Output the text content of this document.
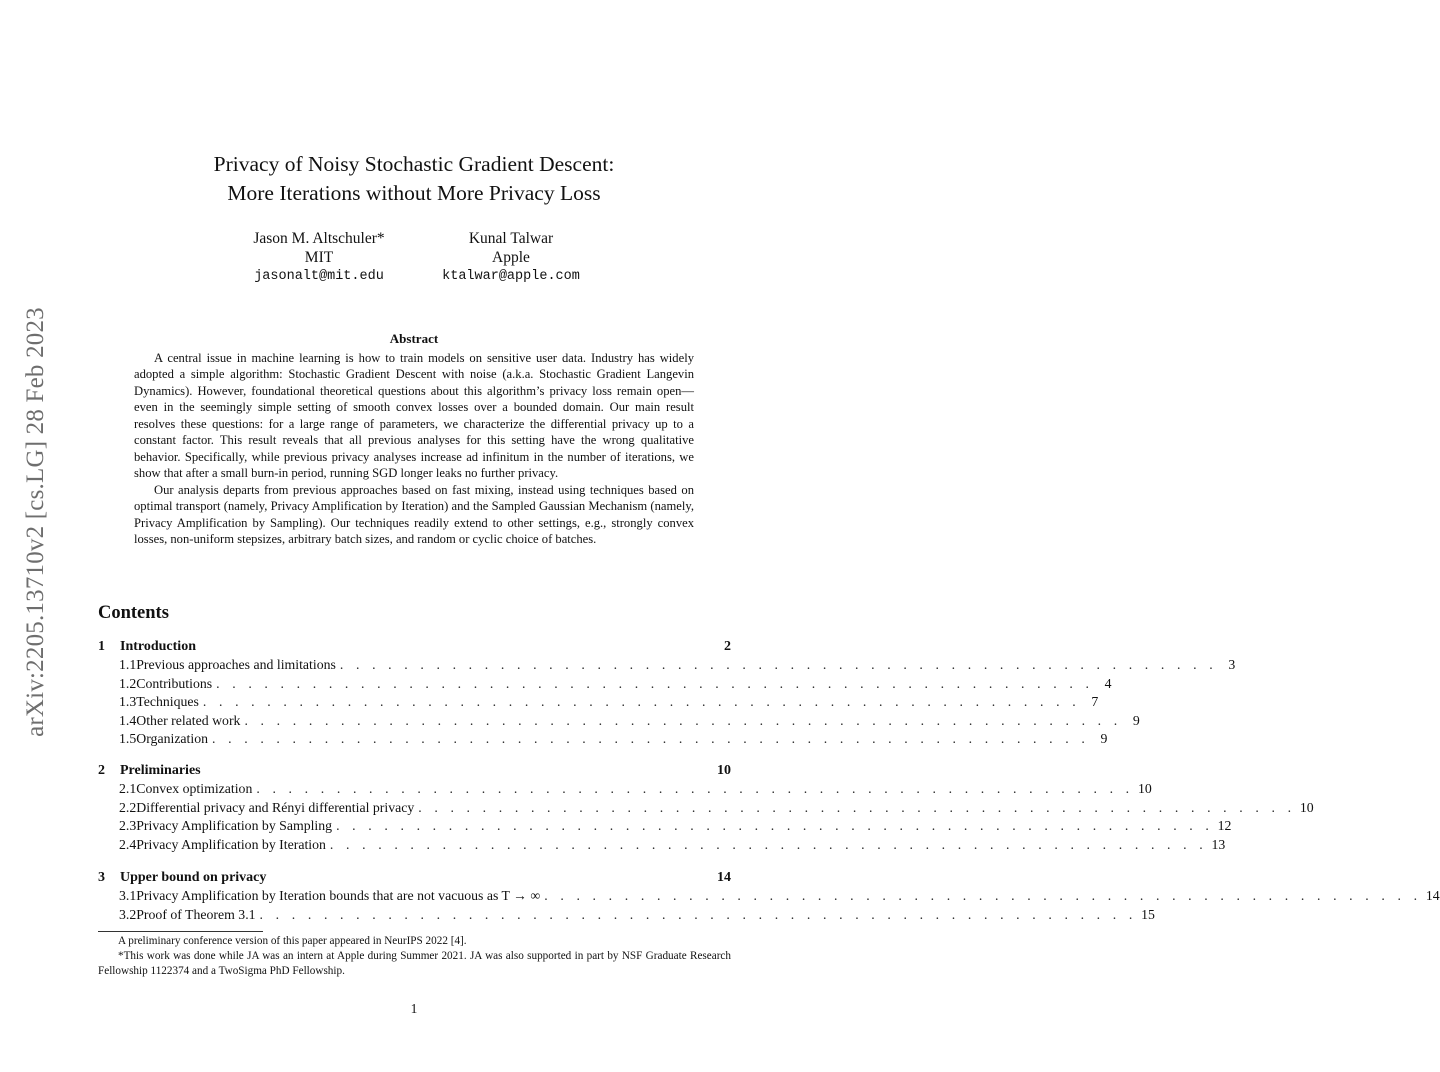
arXiv:2205.13710v2 [cs.LG] 28 Feb 2023
Privacy of Noisy Stochastic Gradient Descent:
More Iterations without More Privacy Loss
Jason M. Altschuler*
MIT
jasonalt@mit.edu
Kunal Talwar
Apple
ktalwar@apple.com
Abstract

A central issue in machine learning is how to train models on sensitive user data. Industry has widely adopted a simple algorithm: Stochastic Gradient Descent with noise (a.k.a. Stochastic Gradient Langevin Dynamics). However, foundational theoretical questions about this algorithm’s privacy loss remain open—even in the seemingly simple setting of smooth convex losses over a bounded domain. Our main result resolves these questions: for a large range of parameters, we characterize the differential privacy up to a constant factor. This result reveals that all previous analyses for this setting have the wrong qualitative behavior. Specifically, while previous privacy analyses increase ad infinitum in the number of iterations, we show that after a small burn-in period, running SGD longer leaks no further privacy.

Our analysis departs from previous approaches based on fast mixing, instead using techniques based on optimal transport (namely, Privacy Amplification by Iteration) and the Sampled Gaussian Mechanism (namely, Privacy Amplification by Sampling). Our techniques readily extend to other settings, e.g., strongly convex losses, non-uniform stepsizes, arbitrary batch sizes, and random or cyclic choice of batches.

Contents
1	Introduction	2
1.1 Previous approaches and limitations . . . . . . . . . . . . . . . . . . . . . . . . . . . . . . . . . . . . . . . . . . . . . . . . . . . . . . . 3
1.2 Contributions . . . . . . . . . . . . . . . . . . . . . . . . . . . . . . . . . . . . . . . . . . . . . . . . . . . . . . . 4
1.3 Techniques . . . . . . . . . . . . . . . . . . . . . . . . . . . . . . . . . . . . . . . . . . . . . . . . . . . . . . . 7
1.4 Other related work . . . . . . . . . . . . . . . . . . . . . . . . . . . . . . . . . . . . . . . . . . . . . . . . . . . . . . . 9
1.5 Organization . . . . . . . . . . . . . . . . . . . . . . . . . . . . . . . . . . . . . . . . . . . . . . . . . . . . . . . 9
2	Preliminaries	10
2.1 Convex optimization . . . . . . . . . . . . . . . . . . . . . . . . . . . . . . . . . . . . . . . . . . . . . . . . . . . . . . . 10
2.2 Differential privacy and Rényi differential privacy . . . . . . . . . . . . . . . . . . . . . . . . . . . . . . . . . . . . . . . . . . . . . . . . . . . . . . . 10
2.3 Privacy Amplification by Sampling . . . . . . . . . . . . . . . . . . . . . . . . . . . . . . . . . . . . . . . . . . . . . . . . . . . . . . . 12
2.4 Privacy Amplification by Iteration . . . . . . . . . . . . . . . . . . . . . . . . . . . . . . . . . . . . . . . . . . . . . . . . . . . . . . . 13
3	Upper bound on privacy	14
3.1 Privacy Amplification by Iteration bounds that are not vacuous as T → ∞ . . . . . . . . . . . . . . . . . . . . . . . . . . . . . . . . . . . . . . . . . . . . . . . . . . . . . . . 14
3.2 Proof of Theorem 3.1 . . . . . . . . . . . . . . . . . . . . . . . . . . . . . . . . . . . . . . . . . . . . . . . . . . . . . . . 15

A preliminary conference version of this paper appeared in NeurIPS 2022 [4].

*This work was done while JA was an intern at Apple during Summer 2021. JA was also supported in part by NSF Graduate Research Fellowship 1122374 and a TwoSigma PhD Fellowship.

1
